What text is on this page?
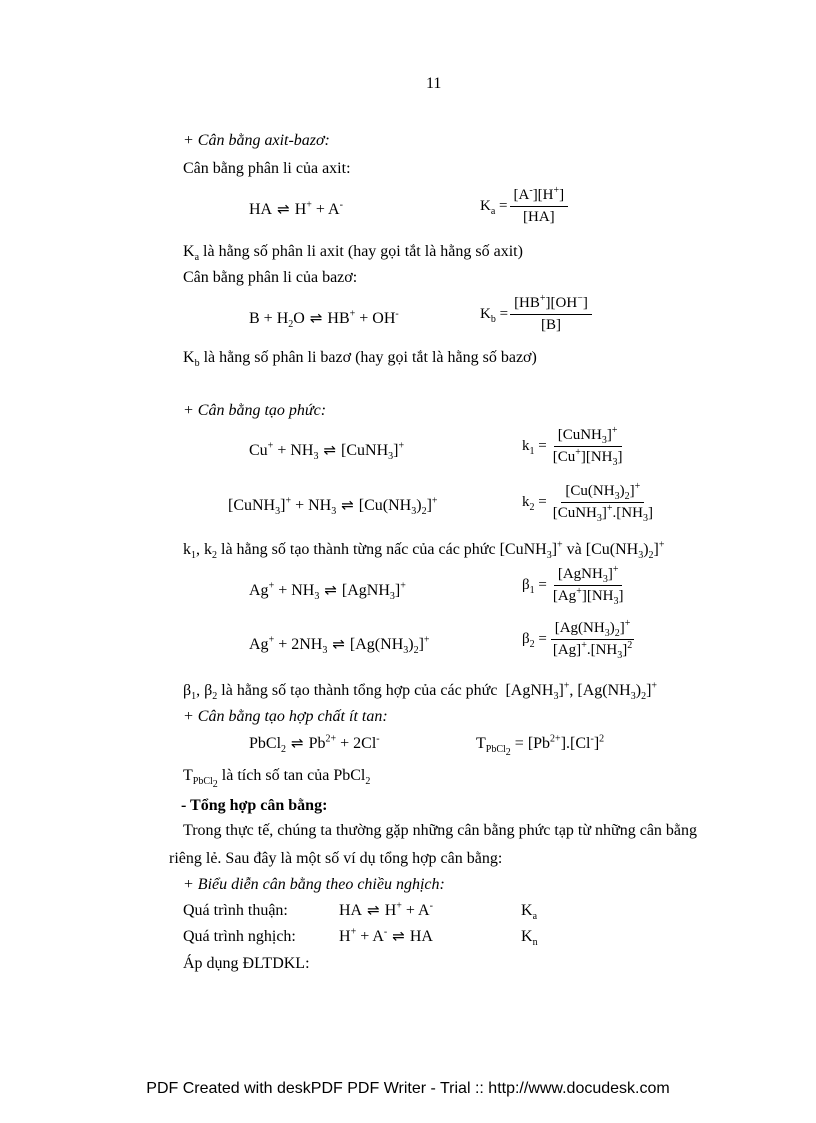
11
+ Cân bằng axit-bazơ:
Cân bằng phân li của axit:
HA ⇌ H+ + A-	$K_a = \frac{[A^-][H^+]}{[HA]}$
$K_a$ là hằng số phân li axit (hay gọi tắt là hằng số axit)
Cân bằng phân li của bazơ:
$B + H_2O$ ⇌ HB+ + OH-	$K_b = \frac{[HB^+][OH^-]}{[B]}$
$K_b$ là hằng số phân li bazơ (hay gọi tắt là hằng số bazơ)
+ Cân bằng tạo phức:
$Cu^+ + NH_3$ ⇌ [CuNH$_3$]+	$k_1 = \frac{[CuNH_3]^+}{[Cu^+][NH_3]}$
[CuNH$_3$]+ + $NH_3$ ⇌ $[Cu(NH_3)_2]^+$	$k_2 = \frac{[Cu(NH_3)_2]^+}{[CuNH_3]^+.[NH_3]}$
$k_1$, $k_2$ là hằng số tạo thành từng nấc của các phức [CuNH$_3$]+ và $[Cu(NH_3)_2]^+$
$Ag^+ + NH_3$ ⇌ [AgNH$_3$]+	$\beta_1 = \frac{[AgNH_3]^+}{[Ag^+][NH_3]}$
$Ag^+ + 2NH_3$ ⇌ $[Ag(NH_3)_2]^+$	$\beta_2 = \frac{[Ag(NH_3)_2]^+}{[Ag]^+.[NH_3]^2}$
$\beta_1$, $\beta_2$ là hằng số tạo thành tổng hợp của các phức  [AgNH$_3$]+, $[Ag(NH_3)_2]^+$
+ Cân bằng tạo hợp chất ít tan:
PbCl$_2$ ⇌ $Pb^{2+} + 2Cl^-$	$T_{PbCl_2} = [Pb^{2+}].[Cl^-]^2$
$T_{PbCl_2}$ là tích số tan của PbCl$_2$
- Tổng hợp cân bằng:
Trong thực tế, chúng ta thường gặp những cân bằng phức tạp từ những cân bằng
riêng lẻ. Sau đây là một số ví dụ tổng hợp cân bằng:
+ Biểu diễn cân bằng theo chiều nghịch:
Quá trình thuận:	HA ⇌ H+ + A-	$K_a$
Quá trình nghịch:	H+ + A- ⇌ HA	$K_n$
Áp dụng ĐLTDKL:
PDF Created with deskPDF PDF Writer - Trial :: http://www.docudesk.com
